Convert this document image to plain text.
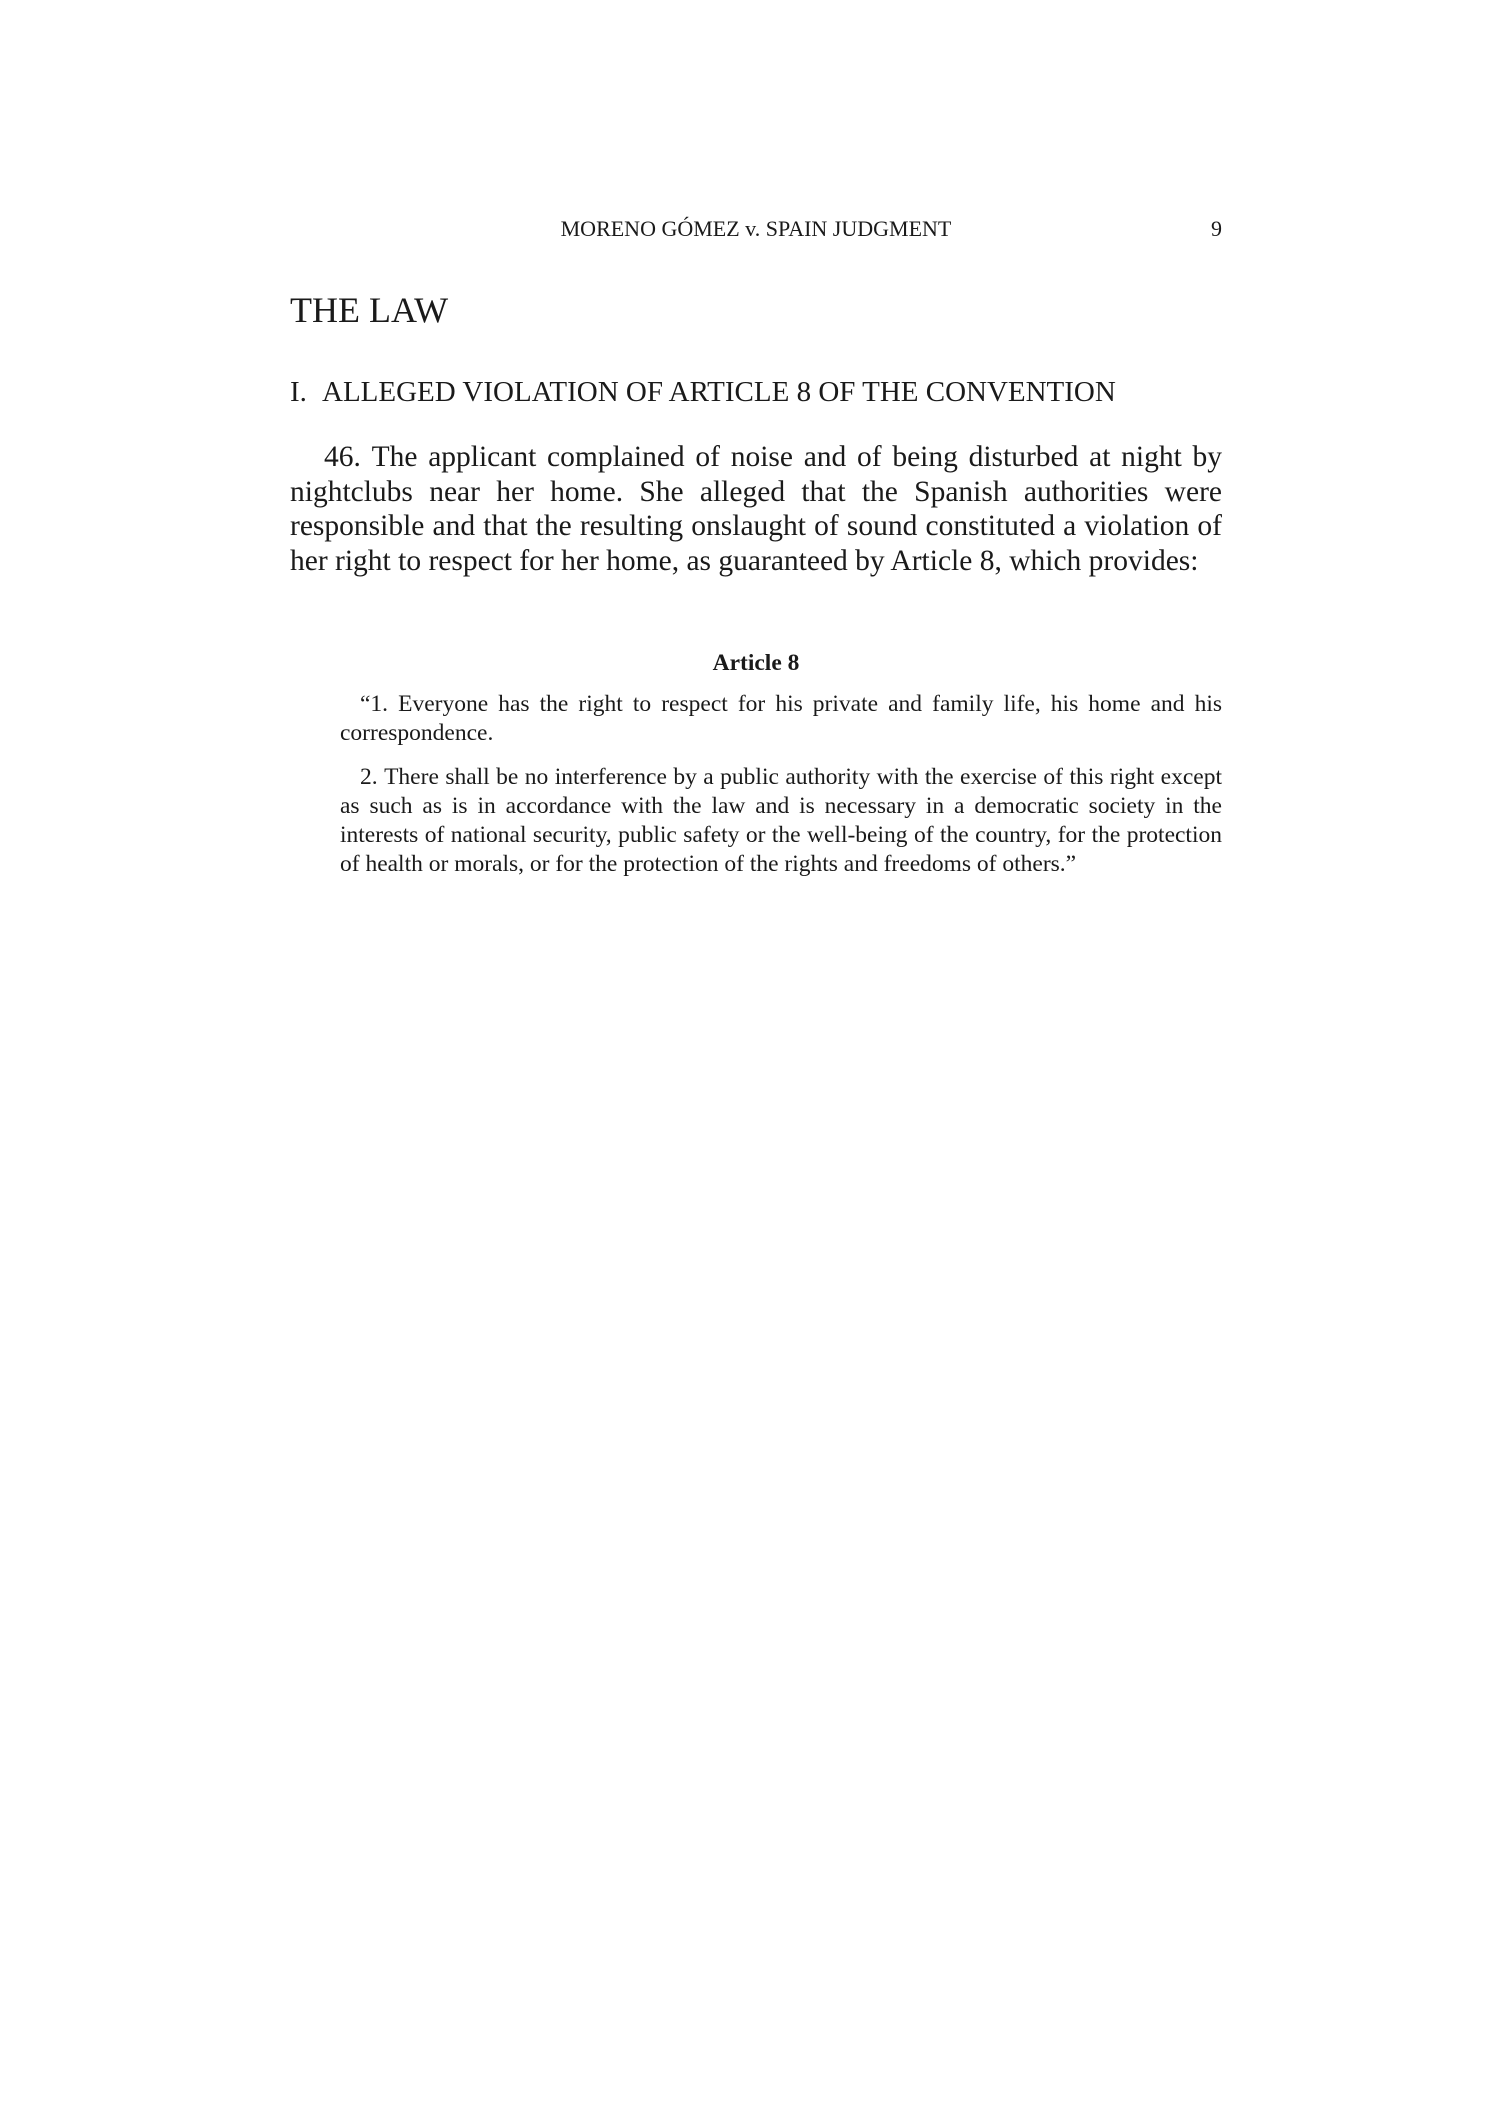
MORENO GÓMEZ v. SPAIN JUDGMENT	9
THE LAW
I. ALLEGED VIOLATION OF ARTICLE 8 OF THE CONVENTION

46. The applicant complained of noise and of being disturbed at night by nightclubs near her home. She alleged that the Spanish authorities were responsible and that the resulting onslaught of sound constituted a violation of her right to respect for her home, as guaranteed by Article 8, which provides:

Article 8

“1. Everyone has the right to respect for his private and family life, his home and his correspondence.

2. There shall be no interference by a public authority with the exercise of this right except as such as is in accordance with the law and is necessary in a democratic society in the interests of national security, public safety or the well-being of the country, for the protection of health or morals, or for the protection of the rights and freedoms of others.”
